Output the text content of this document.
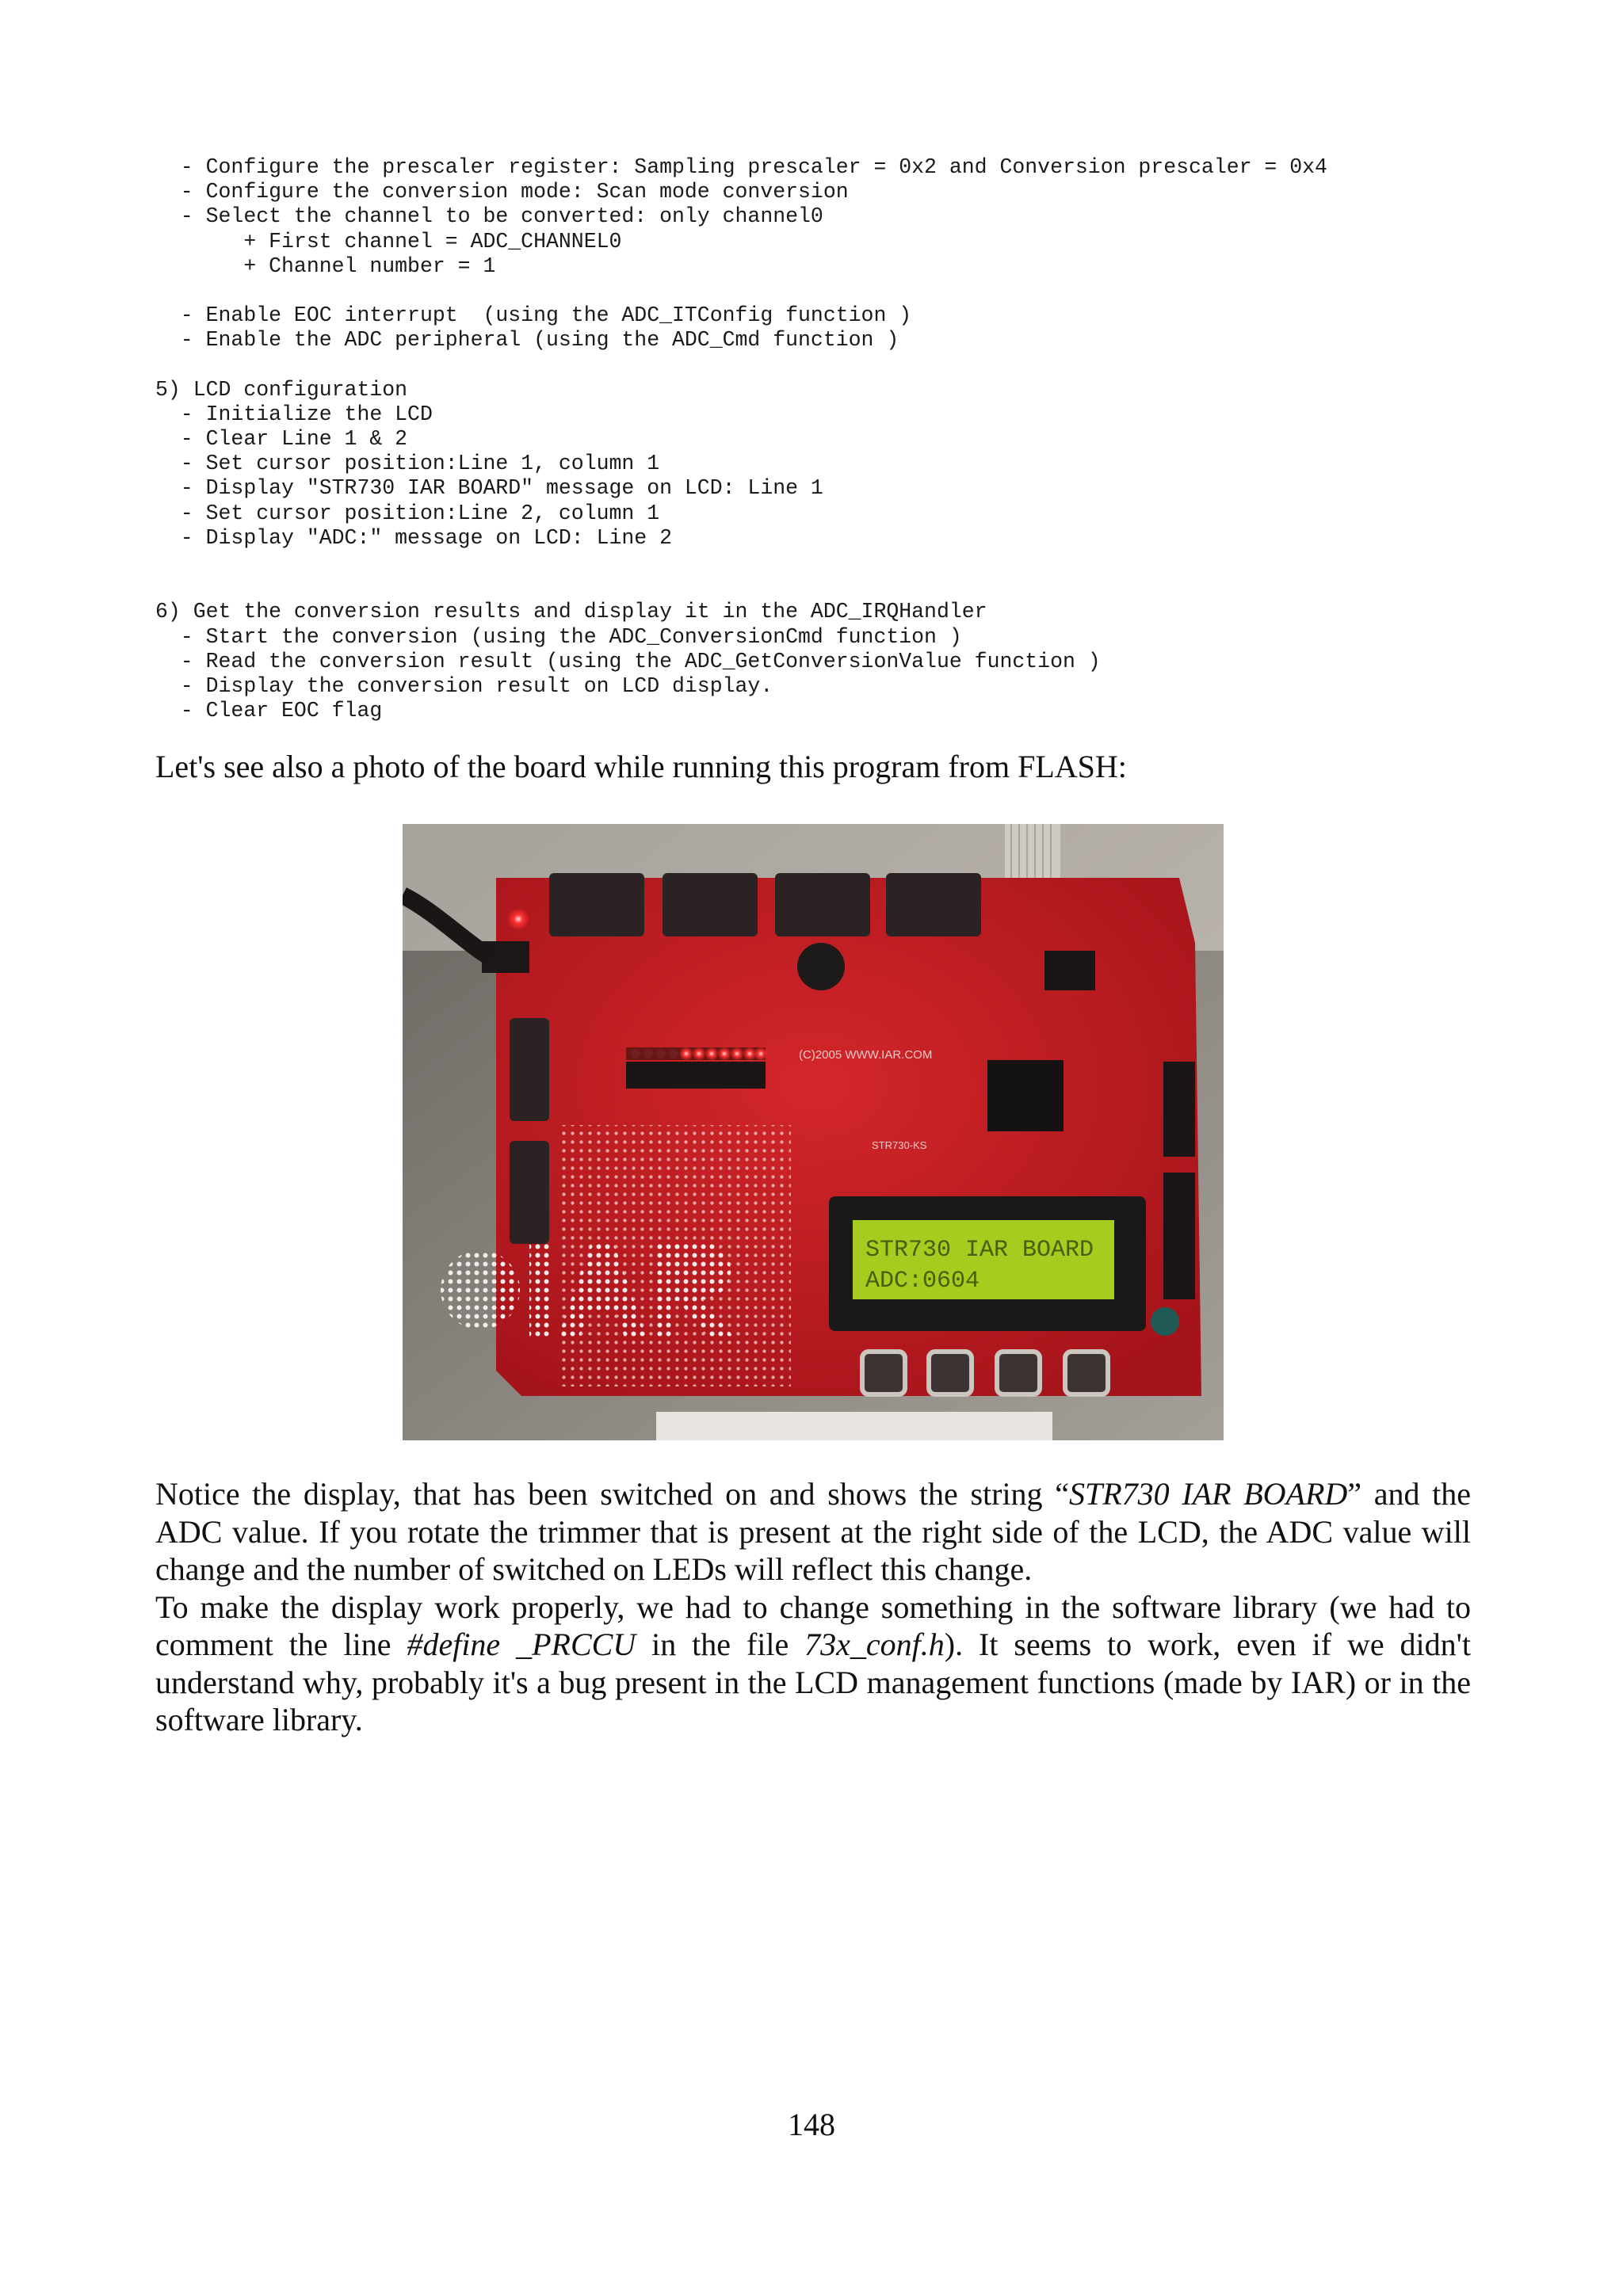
- Configure the prescaler register: Sampling prescaler = 0x2 and Conversion prescaler = 0x4
- Configure the conversion mode: Scan mode conversion
- Select the channel to be converted: only channel0
+ First channel = ADC_CHANNEL0
+ Channel number = 1
- Enable EOC interrupt  (using the ADC_ITConfig function )
- Enable the ADC peripheral (using the ADC_Cmd function )
5) LCD configuration
- Initialize the LCD
- Clear Line 1 & 2
- Set cursor position:Line 1, column 1
- Display "STR730 IAR BOARD" message on LCD: Line 1
- Set cursor position:Line 2, column 1
- Display "ADC:" message on LCD: Line 2
6) Get the conversion results and display it in the ADC_IRQHandler
- Start the conversion (using the ADC_ConversionCmd function )
- Read the conversion result (using the ADC_GetConversionValue function )
- Display the conversion result on LCD display.
- Clear EOC flag

Let's see also a photo of the board while running this program from FLASH:

(C)2005 WWW.IAR.COM
STR730-KS
STR730 IAR BOARD
ADC:0604

Notice the display, that has been switched on and shows the string “STR730 IAR BOARD” and the ADC value. If you rotate the trimmer that is present at the right side of the LCD, the ADC value will change and the number of switched on LEDs will reflect this change.

To make the display work properly, we had to change something in the software library (we had to comment the line #define _PRCCU in the file 73x_conf.h). It seems to work, even if we didn't understand why, probably it's a bug present in the LCD management functions (made by IAR) or in the software library.

148
